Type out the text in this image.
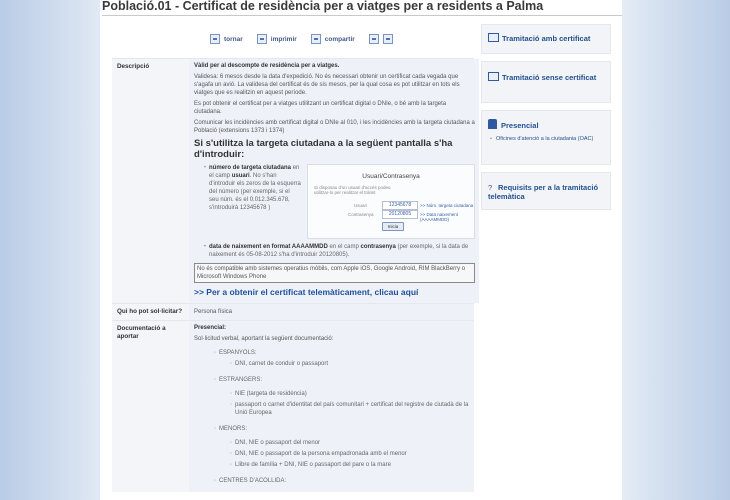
Població.01 - Certificat de residència per a viatges per a residents a Palma
tornar	imprimir	compartir
Descripció	Vàlid per al descompte de residència per a viatges.

Validesa: 6 mesos desde la data d'expedició. No és necessari obtenir un certificat cada vegada que s'agafa un avió. La validesa del certificat és de sis mesos, per la qual cosa es pot utilitzar en tots els viatges que es realitzin en aquest període.

Es pot obtenir el certificat per a viatges utilitzant un certificat digital o DNIe, o bé amb la targeta ciutadana.

Comunicar les incidències amb certificat digital o DNIe al 010, i les incidències amb la targeta ciutadana a Població (extensions 1373 i 1374)

Si s'utilitza la targeta ciutadana a la següent pantalla s'ha d'introduir:
• número de targeta ciutadana en el camp usuari. No s'han d'introduir els zeros de la esquerra del número (per exemple, si el seu núm. és el 0.012.345.678, s'introduirà 12345678 )
Usuari/Contrasenya
Si disposau d'un usuari d'accés podeu utilitzar-lo per realitzar el tràmit
Usuari	12345678	>> Núm. targeta ciutadana
Contrasenya	20120805	>> Data naixement (AAAAMMDD)
Inicia
• data de naixement en format AAAAMMDD en el camp contrasenya (per exemple, si la data de naixement és 05-08-2012 s'ha d'introduir 20120805).
No és compatible amb sistemes operatius mòbils, com Apple iOS, Google Android, RIM BlackBerry o Microsoft Windows Phone
>> Per a obtenir el certificat telemàticament, clicau aquí
Qui ho pot sol·licitar?	Persona física
Documentació a aportar

Presencial:

Sol·licitud verbal, aportant la següent documentació:

◦ ESPANYOLS:
◦ DNI, carnet de conduir o passaport
◦ ESTRANGERS:
◦ NIE (targeta de residència)
◦ passaport o carnet d'identitat del país comunitari + certificat del registre de ciutadà de la Unió Europea
◦ MENORS:
◦ DNI, NIE o passaport del menor
◦ DNI, NIE o passaport de la persona empadronada amb el menor
◦ Llibre de família + DNI, NIE o passaport del pare o la mare
◦ CENTRES D'ACOLLIDA:
Tramitació amb certificat
Tramitació sense certificat
Presencial
• Oficines d'atenció a la ciutadania (OAC)
? Requisits per a la tramitació telemàtica
